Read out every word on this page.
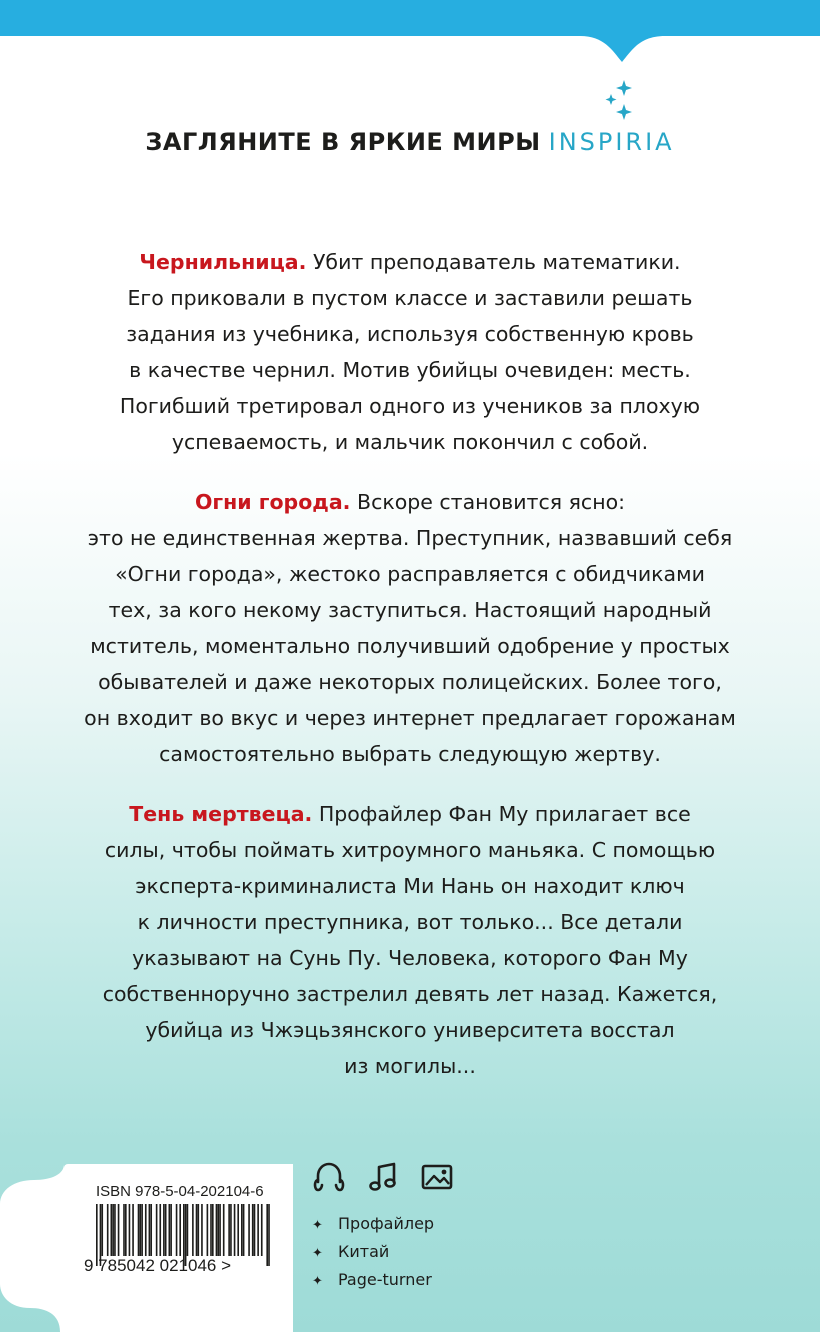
ЗАГЛЯНИТЕ В ЯРКИЕ МИРЫ INSPIRIA
Чернильница. Убит преподаватель математики.
Его приковали в пустом классе и заставили решать
задания из учебника, используя собственную кровь
в качестве чернил. Мотив убийцы очевиден: месть.
Погибший третировал одного из учеников за плохую
успеваемость, и мальчик покончил с собой.
Огни города. Вскоре становится ясно:
это не единственная жертва. Преступник, назвавший себя
«Огни города», жестоко расправляется с обидчиками
тех, за кого некому заступиться. Настоящий народный
мститель, моментально получивший одобрение у простых
обывателей и даже некоторых полицейских. Более того,
он входит во вкус и через интернет предлагает горожанам
самостоятельно выбрать следующую жертву.
Тень мертвеца. Профайлер Фан Му прилагает все
силы, чтобы поймать хитроумного маньяка. С помощью
эксперта-криминалиста Ми Нань он находит ключ
к личности преступника, вот только... Все детали
указывают на Сунь Пу. Человека, которого Фан Му
собственноручно застрелил девять лет назад. Кажется,
убийца из Чжэцьзянского университета восстал
из могилы...
ISBN 978-5-04-202104-6
9 785042 021046 >
✦ Профайлер
✦ Китай
✦ Page-turner
